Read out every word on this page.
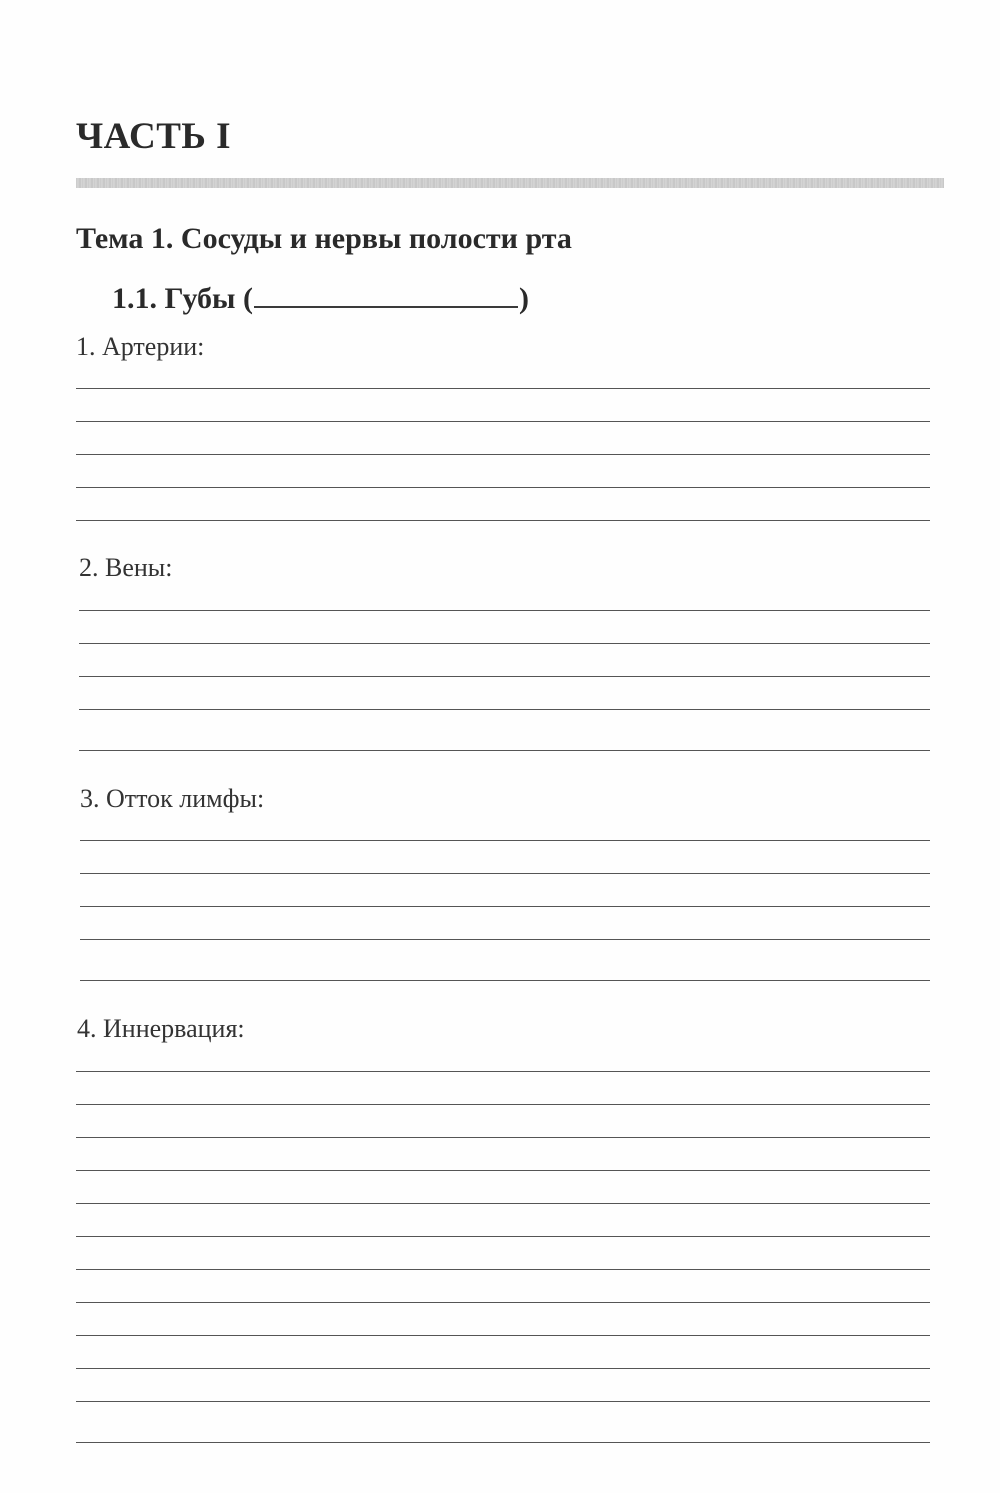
ЧАСТЬ I
Тема 1. Сосуды и нервы полости рта
1.1. Губы (	)

1. Артерии:

2. Вены:

3. Отток лимфы:

4. Иннервация:
